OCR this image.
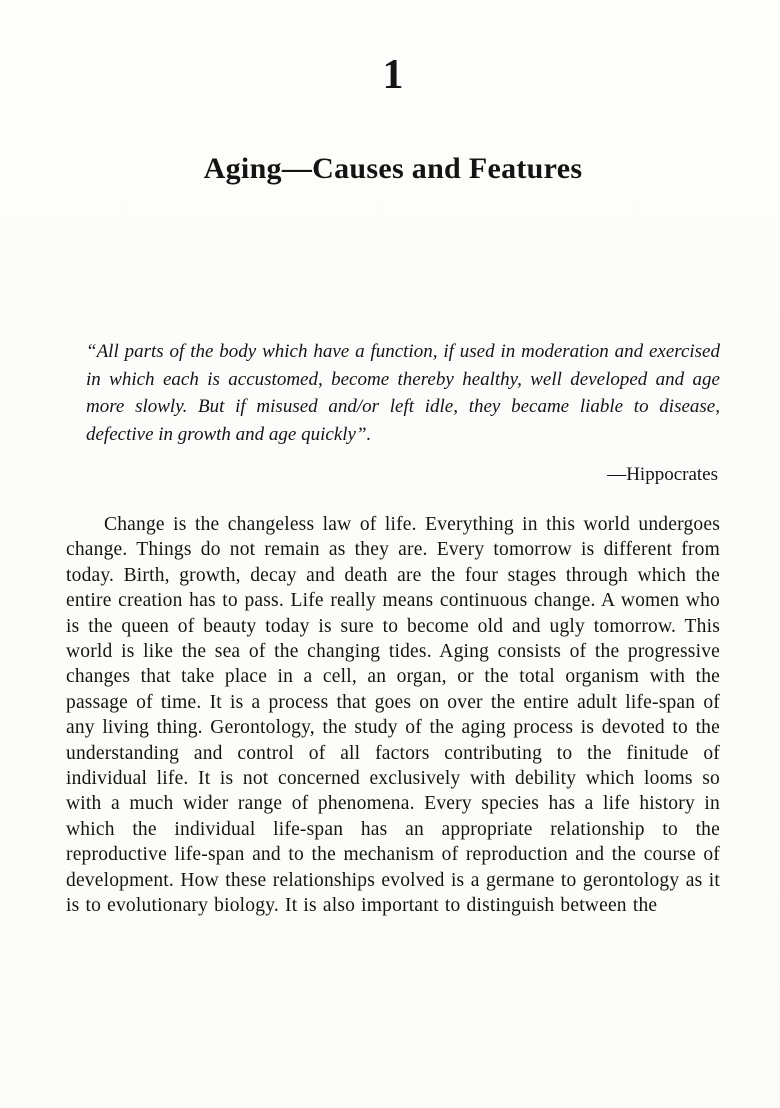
1
Aging—Causes and Features

“All parts of the body which have a function, if used in moderation and exercised in which each is accustomed, become thereby healthy, well developed and age more slowly. But if misused and/or left idle, they became liable to disease, defective in growth and age quickly”.

—Hippocrates

Change is the changeless law of life. Everything in this world undergoes change. Things do not remain as they are. Every tomorrow is different from today. Birth, growth, decay and death are the four stages through which the entire creation has to pass. Life really means continuous change. A women who is the queen of beauty today is sure to become old and ugly tomorrow. This world is like the sea of the changing tides. Aging consists of the progressive changes that take place in a cell, an organ, or the total organism with the passage of time. It is a process that goes on over the entire adult life-span of any living thing. Gerontology, the study of the aging process is devoted to the understanding and control of all factors contributing to the finitude of individual life. It is not concerned exclusively with debility which looms so with a much wider range of phenomena. Every species has a life history in which the individual life-span has an appropriate relationship to the reproductive life-span and to the mechanism of reproduction and the course of development. How these relationships evolved is a germane to gerontology as it is to evolutionary biology. It is also important to distinguish between the
